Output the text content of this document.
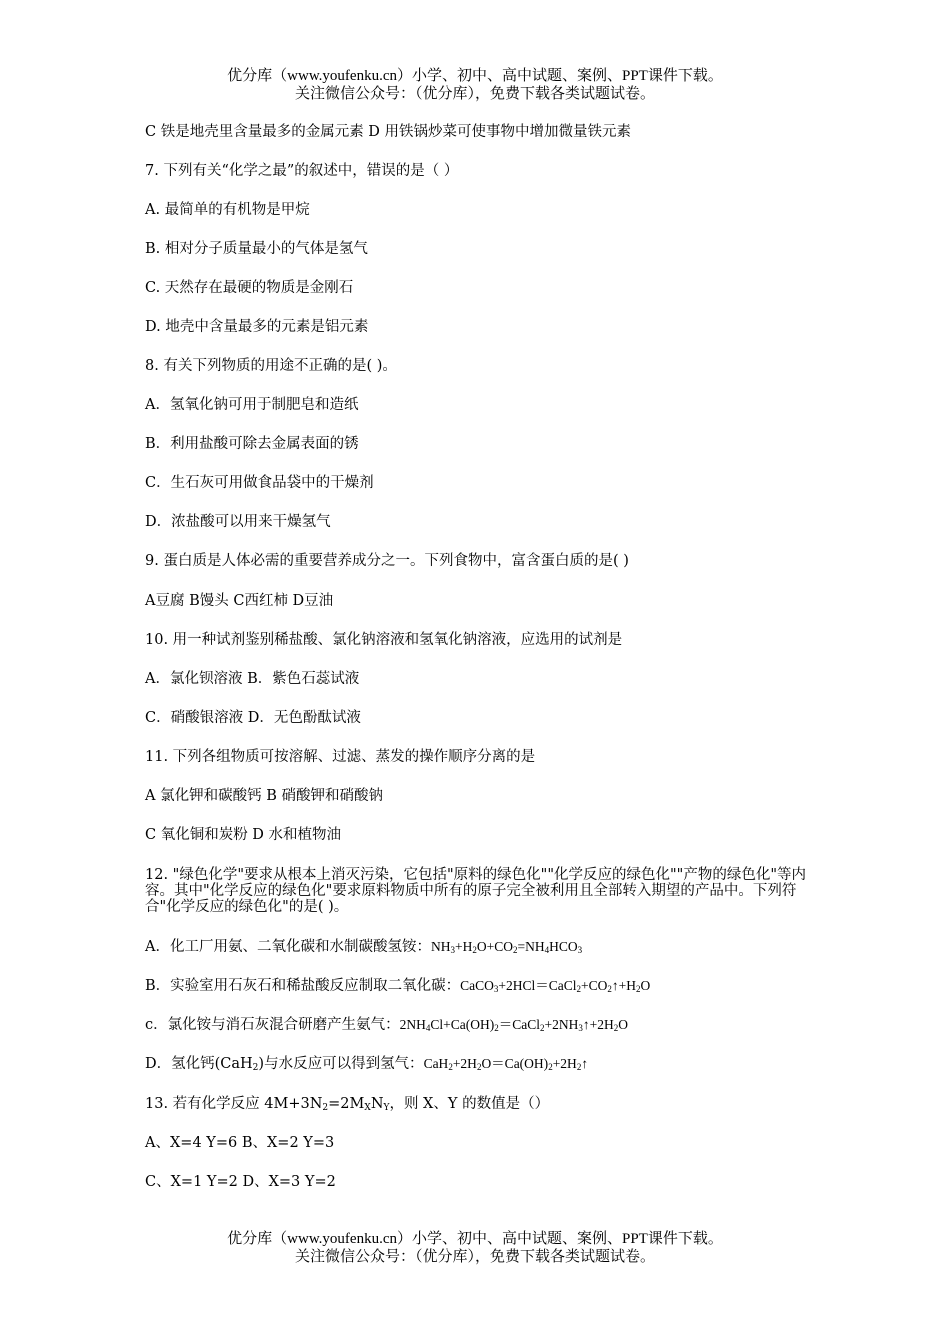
优分库（www.youfenku.cn）小学、初中、高中试题、案例、PPT课件下载。
关注微信公众号：（优分库），免费下载各类试题试卷。
C 铁是地壳里含量最多的金属元素 D 用铁锅炒菜可使事物中增加微量铁元素
7. 下列有关“化学之最”的叙述中，错误的是（ ）
A. 最简单的有机物是甲烷
B. 相对分子质量最小的气体是氢气
C. 天然存在最硬的物质是金刚石
D. 地壳中含量最多的元素是铝元素
8. 有关下列物质的用途不正确的是( )。
A．氢氧化钠可用于制肥皂和造纸
B．利用盐酸可除去金属表面的锈
C．生石灰可用做食品袋中的干燥剂
D．浓盐酸可以用来干燥氢气
9. 蛋白质是人体必需的重要营养成分之一。下列食物中，富含蛋白质的是( )
A豆腐 B馒头 C西红柿 D豆油
10. 用一种试剂鉴别稀盐酸、氯化钠溶液和氢氧化钠溶液，应选用的试剂是
A．氯化钡溶液 B．紫色石蕊试液
C．硝酸银溶液 D．无色酚酞试液
11. 下列各组物质可按溶解、过滤、蒸发的操作顺序分离的是
A 氯化钾和碳酸钙 B 硝酸钾和硝酸钠
C 氧化铜和炭粉 D 水和植物油
12. "绿色化学"要求从根本上消灭污染，它包括"原料的绿色化""化学反应的绿色化""产物的绿色化"等内容。其中"化学反应的绿色化"要求原料物质中所有的原子完全被利用且全部转入期望的产品中。下列符合"化学反应的绿色化"的是( )。
A．化工厂用氨、二氧化碳和水制碳酸氢铵：$NH_3+H_2O+CO_2=NH_4HCO_3$
B．实验室用石灰石和稀盐酸反应制取二氧化碳：$CaCO_3+2HCl=CaCl_2+CO_2↑+H_2O$
c．氯化铵与消石灰混合研磨产生氨气：$2NH_4Cl+Ca(OH)_2=CaCl_2+2NH_3↑+2H_2O$
D．氢化钙(CaH$_2$)与水反应可以得到氢气：$CaH_2+2H_2O=Ca(OH)_2+2H_2↑$
13. 若有化学反应 $4M+3N_2=2M_XN_Y$，则 X、Y 的数值是（）
A、X=4 Y=6 B、X=2 Y=3
C、X=1 Y=2 D、X=3 Y=2
优分库（www.youfenku.cn）小学、初中、高中试题、案例、PPT课件下载。
关注微信公众号：（优分库），免费下载各类试题试卷。
